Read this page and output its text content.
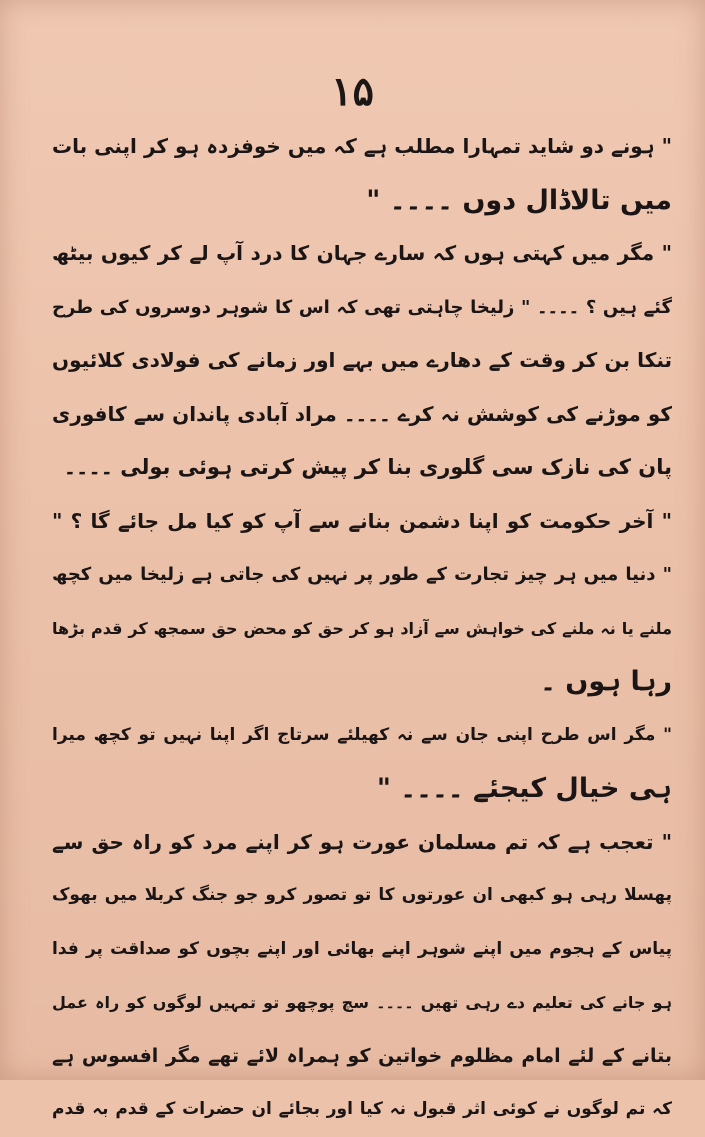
۱۵
" ہونے دو شاید تمہارا مطلب ہے کہ میں خوفزدہ ہو کر اپنی بات
میں تالاڈال دوں ۔۔۔۔ "
" مگر میں کہتی ہوں کہ سارے جہان کا درد آپ لے کر کیوں بیٹھ
گئے ہیں ؟ ۔۔۔۔ " زلیخا چاہتی تھی کہ اس کا شوہر دوسروں کی طرح
تنکا بن کر وقت کے دھارے میں بہے اور زمانے کی فولادی کلائیوں
کو موڑنے کی کوشش نہ کرے ۔۔۔۔ مراد آبادی پاندان سے کافوری
پان کی نازک سی گلوری بنا کر پیش کرتی ہوئی بولی ۔۔۔۔
" آخر حکومت کو اپنا دشمن بنانے سے آپ کو کیا مل جائے گا ؟ "
" دنیا میں ہر چیز تجارت کے طور پر نہیں کی جاتی ہے زلیخا میں کچھ
ملنے یا نہ ملنے کی خواہش سے آزاد ہو کر حق کو محض حق سمجھ کر قدم بڑھا
رہا ہوں ۔
" مگر اس طرح اپنی جان سے نہ کھیلئے سرتاج اگر اپنا نہیں تو کچھ میرا
ہی خیال کیجئے ۔۔۔۔ "
" تعجب ہے کہ تم مسلمان عورت ہو کر اپنے مرد کو راہ حق سے
پھسلا رہی ہو کبھی ان عورتوں کا تو تصور کرو جو جنگ کربلا میں بھوک
پیاس کے ہجوم میں اپنے شوہر اپنے بھائی اور اپنے بچوں کو صداقت پر فدا
ہو جانے کی تعلیم دے رہی تھیں ۔۔۔۔ سچ پوچھو تو تمہیں لوگوں کو راہ عمل
بتانے کے لئے امام مظلوم خواتین کو ہمراہ لائے تھے مگر افسوس ہے
کہ تم لوگوں نے کوئی اثر قبول نہ کیا اور بجائے ان حضرات کے قدم بہ قدم
